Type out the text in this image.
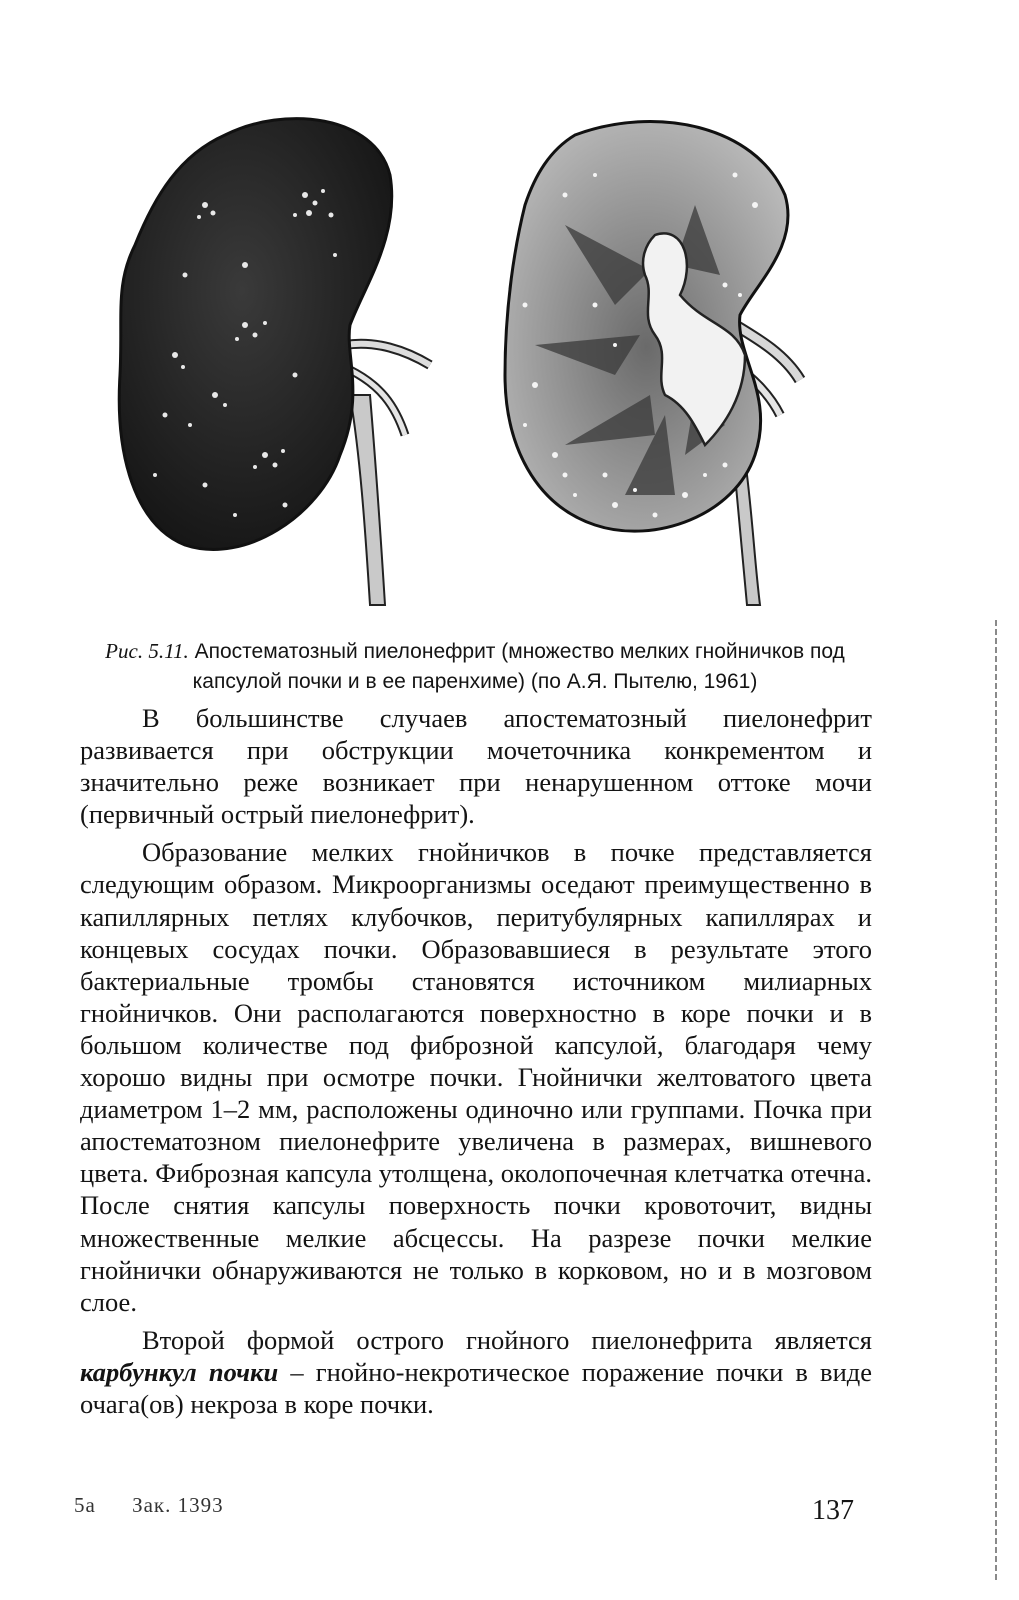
Рис. 5.11. Апостематозный пиелонефрит (множество мелких гнойничков под капсулой почки и в ее паренхиме) (по А.Я. Пытелю, 1961)

В большинстве случаев апостематозный пиелонефрит развивается при обструкции мочеточника конкрементом и значительно реже возникает при ненарушенном оттоке мочи (первичный острый пиелонефрит).

Образование мелких гнойничков в почке представляется следующим образом. Микроорганизмы оседают преимущественно в капиллярных петлях клубочков, перитубулярных капиллярах и концевых сосудах почки. Образовавшиеся в результате этого бактериальные тромбы становятся источником милиарных гнойничков. Они располагаются поверхностно в коре почки и в большом количестве под фиброзной капсулой, благодаря чему хорошо видны при осмотре почки. Гнойнички желтоватого цвета диаметром 1–2 мм, расположены одиночно или группами. Почка при апостематозном пиелонефрите увеличена в размерах, вишневого цвета. Фиброзная капсула утолщена, околопочечная клетчатка отечна. После снятия капсулы поверхность почки кровоточит, видны множественные мелкие абсцессы. На разрезе почки мелкие гнойнички обнаруживаются не только в корковом, но и в мозговом слое.

Второй формой острого гнойного пиелонефрита является карбункул почки – гнойно-некротическое поражение почки в виде очага(ов) некроза в коре почки.

5а Зак. 1393	137
